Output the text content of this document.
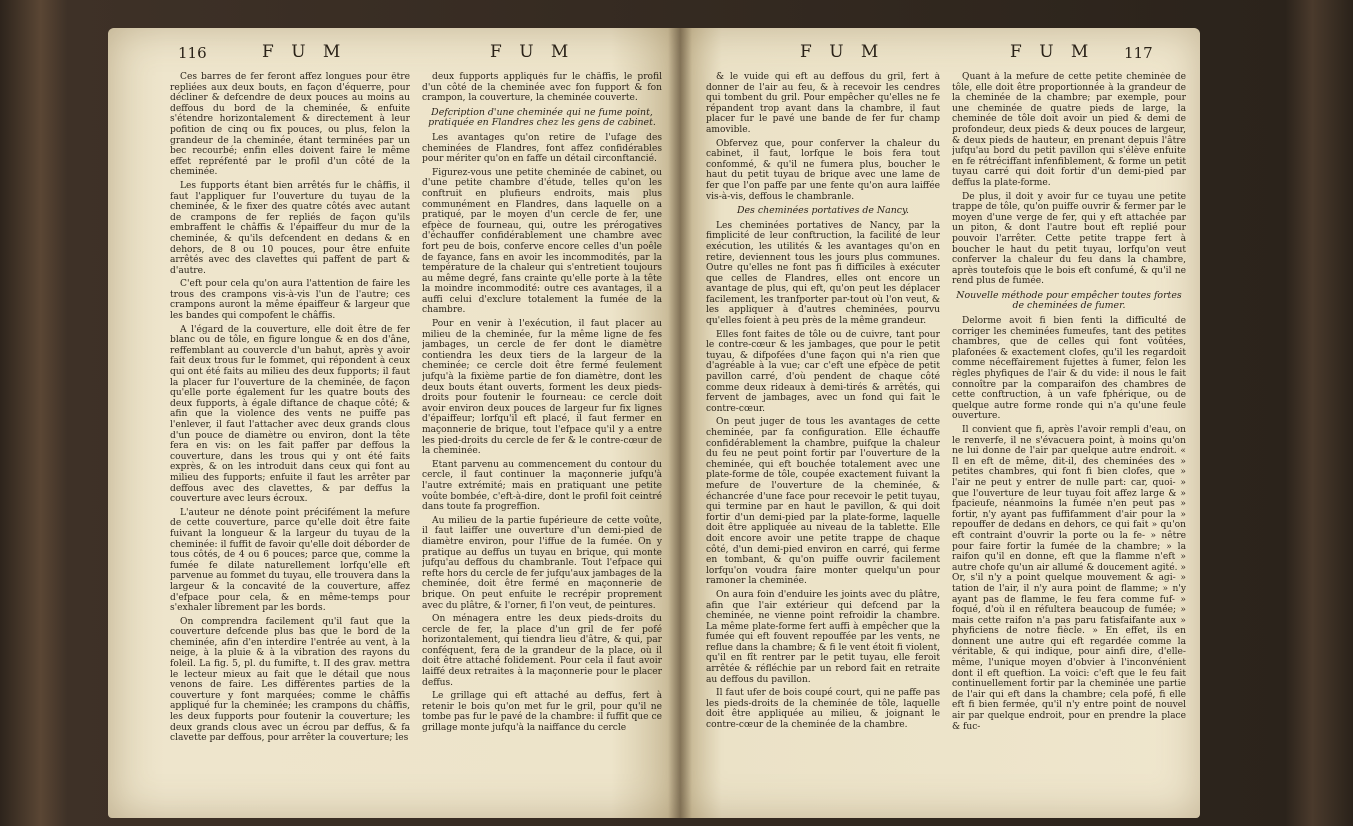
116	F U M	F U M	F U M	F U M 117

Ces barres de fer feront affez longues pour être repliées aux deux bouts, en façon d'équerre, pour décliner & defcendre de deux pouces au moins au deffous du bord de la cheminée, & enfuite s'étendre horizontalement & directement à leur pofition de cinq ou fix pouces, ou plus, felon la grandeur de la cheminée, étant terminées par un bec recourbé; enfin elles doivent faire le même effet repréfenté par le profil d'un côté de la cheminée.

Les fupports étant bien arrêtés fur le châffis, il faut l'appliquer fur l'ouverture du tuyau de la cheminée, & le fixer des quatre côtés avec autant de crampons de fer repliés de façon qu'ils embraffent le châffis & l'épaiffeur du mur de la cheminée, & qu'ils defcendent en dedans & en dehors, de 8 ou 10 pouces, pour être enfuite arrêtés avec des clavettes qui paffent de part & d'autre.

C'eft pour cela qu'on aura l'attention de faire les trous des crampons vis-à-vis l'un de l'autre; ces crampons auront la même épaiffeur & largeur que les bandes qui compofent le châffis.

A l'égard de la couverture, elle doit être de fer blanc ou de tôle, en figure longue & en dos d'âne, reffemblant au couvercle d'un bahut, après y avoir fait deux trous fur le fommet, qui répondent à ceux qui ont été faits au milieu des deux fupports; il faut la placer fur l'ouverture de la cheminée, de façon qu'elle porte également fur les quatre bouts des deux fupports, à égale diftance de chaque côté; & afin que la violence des vents ne puiffe pas l'enlever, il faut l'attacher avec deux grands clous d'un pouce de diamètre ou environ, dont la tête fera en vis: on les fait paffer par deffous la couverture, dans les trous qui y ont été faits exprès, & on les introduit dans ceux qui font au milieu des fupports; enfuite il faut les arrêter par deffous avec des clavettes, & par deffus la couverture avec leurs écroux.

L'auteur ne dénote point précifément la mefure de cette couverture, parce qu'elle doit être faite fuivant la longueur & la largeur du tuyau de la cheminée: il fuffit de favoir qu'elle doit déborder de tous côtés, de 4 ou 6 pouces; parce que, comme la fumée fe dilate naturellement lorfqu'elle eft parvenue au fommet du tuyau, elle trouvera dans la largeur & la concavité de la couverture, affez d'efpace pour cela, & en même-temps pour s'exhaler librement par les bords.

On comprendra facilement qu'il faut que la couverture defcende plus bas que le bord de la cheminée, afin d'en interdire l'entrée au vent, à la neige, à la pluie & à la vibration des rayons du foleil. La fig. 5, pl. du fumifte, t. II des grav. mettra le lecteur mieux au fait que le détail que nous venons de faire. Les différentes parties de la couverture y font marquées; comme le châffis appliqué fur la cheminée; les crampons du châffis, les deux fupports pour foutenir la couverture; les deux grands clous avec un écrou par deffus, & fa clavette par deffous, pour arrêter la couverture; les

deux fupports appliqués fur le châffis, le profil d'un côté de la cheminée avec fon fupport & fon crampon, la couverture, la cheminée couverte.

Defcription d'une cheminée qui ne fume point, pratiquée en Flandres chez les gens de cabinet.

Les avantages qu'on retire de l'ufage des cheminées de Flandres, font affez confidérables pour mériter qu'on en faffe un détail circonftancié.

Figurez-vous une petite cheminée de cabinet, ou d'une petite chambre d'étude, telles qu'on les conftruit en plufieurs endroits, mais plus communément en Flandres, dans laquelle on a pratiqué, par le moyen d'un cercle de fer, une efpèce de fourneau, qui, outre les prérogatives d'échauffer confidérablement une chambre avec fort peu de bois, conferve encore celles d'un poêle de fayance, fans en avoir les incommodités, par la température de la chaleur qui s'entretient toujours au même degré, fans crainte qu'elle porte à la tête la moindre incommodité: outre ces avantages, il a auffi celui d'exclure totalement la fumée de la chambre.

Pour en venir à l'exécution, il faut placer au milieu de la cheminée, fur la même ligne de fes jambages, un cercle de fer dont le diamètre contiendra les deux tiers de la largeur de la cheminée; ce cercle doit être fermé feulement jufqu'à la fixième partie de fon diamètre, dont les deux bouts étant ouverts, forment les deux pieds-droits pour foutenir le fourneau: ce cercle doit avoir environ deux pouces de largeur fur fix lignes d'épaiffeur; lorfqu'il eft placé, il faut fermer en maçonnerie de brique, tout l'efpace qu'il y a entre les pied-droits du cercle de fer & le contre-cœur de la cheminée.

Etant parvenu au commencement du contour du cercle, il faut continuer la maçonnerie jufqu'à l'autre extrémité; mais en pratiquant une petite voûte bombée, c'eft-à-dire, dont le profil foit ceintré dans toute fa progreffion.

Au milieu de la partie fupérieure de cette voûte, il faut laiffer une ouverture d'un demi-pied de diamètre environ, pour l'iffue de la fumée. On y pratique au deffus un tuyau en brique, qui monte jufqu'au deffous du chambranle. Tout l'efpace qui refte hors du cercle de fer jufqu'aux jambages de la cheminée, doit être fermé en maçonnerie de brique. On peut enfuite le recrépir proprement avec du plâtre, & l'orner, fi l'on veut, de peintures.

On ménagera entre les deux pieds-droits du cercle de fer, la place d'un gril de fer pofé horizontalement, qui tiendra lieu d'âtre, & qui, par conféquent, fera de la grandeur de la place, où il doit être attaché folidement. Pour cela il faut avoir laiffé deux retraites à la maçonnerie pour le placer deffus.

Le grillage qui eft attaché au deffus, fert à retenir le bois qu'on met fur le gril, pour qu'il ne tombe pas fur le pavé de la chambre: il fuffit que ce grillage monte jufqu'à la naiffance du cercle

& le vuide qui eft au deffous du gril, fert à donner de l'air au feu, & à recevoir les cendres qui tombent du gril. Pour empêcher qu'elles ne fe répandent trop avant dans la chambre, il faut placer fur le pavé une bande de fer fur champ amovible.

Obfervez que, pour conferver la chaleur du cabinet, il faut, lorfque le bois fera tout confommé, & qu'il ne fumera plus, boucher le haut du petit tuyau de brique avec une lame de fer que l'on paffe par une fente qu'on aura laiffée vis-à-vis, deffous le chambranle.

Des cheminées portatives de Nancy.

Les cheminées portatives de Nancy, par la fimplicité de leur conftruction, la facilité de leur exécution, les utilités & les avantages qu'on en retire, deviennent tous les jours plus communes. Outre qu'elles ne font pas fi difficiles à exécuter que celles de Flandres, elles ont encore un avantage de plus, qui eft, qu'on peut les déplacer facilement, les tranfporter par-tout où l'on veut, & les appliquer à d'autres cheminées, pourvu qu'elles foient à peu près de la même grandeur.

Elles font faites de tôle ou de cuivre, tant pour le contre-cœur & les jambages, que pour le petit tuyau, & difpofées d'une façon qui n'a rien que d'agréable à la vue; car c'eft une efpèce de petit pavillon carré, d'où pendent de chaque côté comme deux rideaux à demi-tirés & arrêtés, qui fervent de jambages, avec un fond qui fait le contre-cœur.

On peut juger de tous les avantages de cette cheminée, par fa configuration. Elle échauffe confidérablement la chambre, puifque la chaleur du feu ne peut point fortir par l'ouverture de la cheminée, qui eft bouchée totalement avec une plate-forme de tôle, coupée exactement fuivant la mefure de l'ouverture de la cheminée, & échancrée d'une face pour recevoir le petit tuyau, qui termine par en haut le pavillon, & qui doit fortir d'un demi-pied par la plate-forme, laquelle doit être appliquée au niveau de la tablette. Elle doit encore avoir une petite trappe de chaque côté, d'un demi-pied environ en carré, qui ferme en tombant, & qu'on puiffe ouvrir facilement lorfqu'on voudra faire monter quelqu'un pour ramoner la cheminée.

On aura foin d'enduire les joints avec du plâtre, afin que l'air extérieur qui defcend par la cheminée, ne vienne point refroidir la chambre. La même plate-forme fert auffi à empêcher que la fumée qui eft fouvent repouffée par les vents, ne reflue dans la chambre; & fi le vent étoit fi violent, qu'il en fît rentrer par le petit tuyau, elle feroit arrêtée & réfléchie par un rebord fait en retraite au deffous du pavillon.

Il faut ufer de bois coupé court, qui ne paffe pas les pieds-droits de la cheminée de tôle, laquelle doit être appliquée au milieu, & joignant le contre-cœur de la cheminée de la chambre.

Quant à la mefure de cette petite cheminée de tôle, elle doit être proportionnée à la grandeur de la cheminée de la chambre; par exemple, pour une cheminée de quatre pieds de large, la cheminée de tôle doit avoir un pied & demi de profondeur, deux pieds & deux pouces de largeur, & deux pieds de hauteur, en prenant depuis l'âtre jufqu'au bord du petit pavillon qui s'élève enfuite en fe rétréciffant infenfiblement, & forme un petit tuyau carré qui doit fortir d'un demi-pied par deffus la plate-forme.

De plus, il doit y avoir fur ce tuyau une petite trappe de tôle, qu'on puiffe ouvrir & fermer par le moyen d'une verge de fer, qui y eft attachée par un piton, & dont l'autre bout eft replié pour pouvoir l'arrêter. Cette petite trappe fert à boucher le haut du petit tuyau, lorfqu'on veut conferver la chaleur du feu dans la chambre, après toutefois que le bois eft confumé, & qu'il ne rend plus de fumée.

Nouvelle méthode pour empêcher toutes fortes de cheminées de fumer.

Delorme avoit fi bien fenti la difficulté de corriger les cheminées fumeufes, tant des petites chambres, que de celles qui font voûtées, plafonées & exactement clofes, qu'il les regardoit comme néceffairement fujettes à fumer, felon les règles phyfiques de l'air & du vide: il nous le fait connoître par la comparaifon des chambres de cette conftruction, à un vafe fphérique, ou de quelque autre forme ronde qui n'a qu'une feule ouverture.

Il convient que fi, après l'avoir rempli d'eau, on le renverfe, il ne s'évacuera point, à moins qu'on ne lui donne de l'air par quelque autre endroit. « Il en eft de même, dit-il, des cheminées des » petites chambres, qui font fi bien clofes, que » l'air ne peut y entrer de nulle part: car, quoi- » que l'ouverture de leur tuyau foit affez large & » fpacieufe, néanmoins la fumée n'en peut pas » fortir, n'y ayant pas fuffifamment d'air pour la » repouffer de dedans en dehors, ce qui fait » qu'on eft contraint d'ouvrir la porte ou la fe- » nêtre pour faire fortir la fumée de la chambre; » la raifon qu'il en donne, eft que la flamme n'eft » autre chofe qu'un air allumé & doucement agité. » Or, s'il n'y a point quelque mouvement & agi- » tation de l'air, il n'y aura point de flamme; » n'y ayant pas de flamme, le feu fera comme fuf- » foqué, d'où il en réfultera beaucoup de fumée; » mais cette raifon n'a pas paru fatisfaifante aux » phyficiens de notre fiècle. » En effet, ils en donnent une autre qui eft regardée comme la véritable, & qui indique, pour ainfi dire, d'elle-même, l'unique moyen d'obvier à l'inconvénient dont il eft queftion. La voici: c'eft que le feu fait continuellement fortir par la cheminée une partie de l'air qui eft dans la chambre; cela pofé, fi elle eft fi bien fermée, qu'il n'y entre point de nouvel air par quelque endroit, pour en prendre la place & fuc-
